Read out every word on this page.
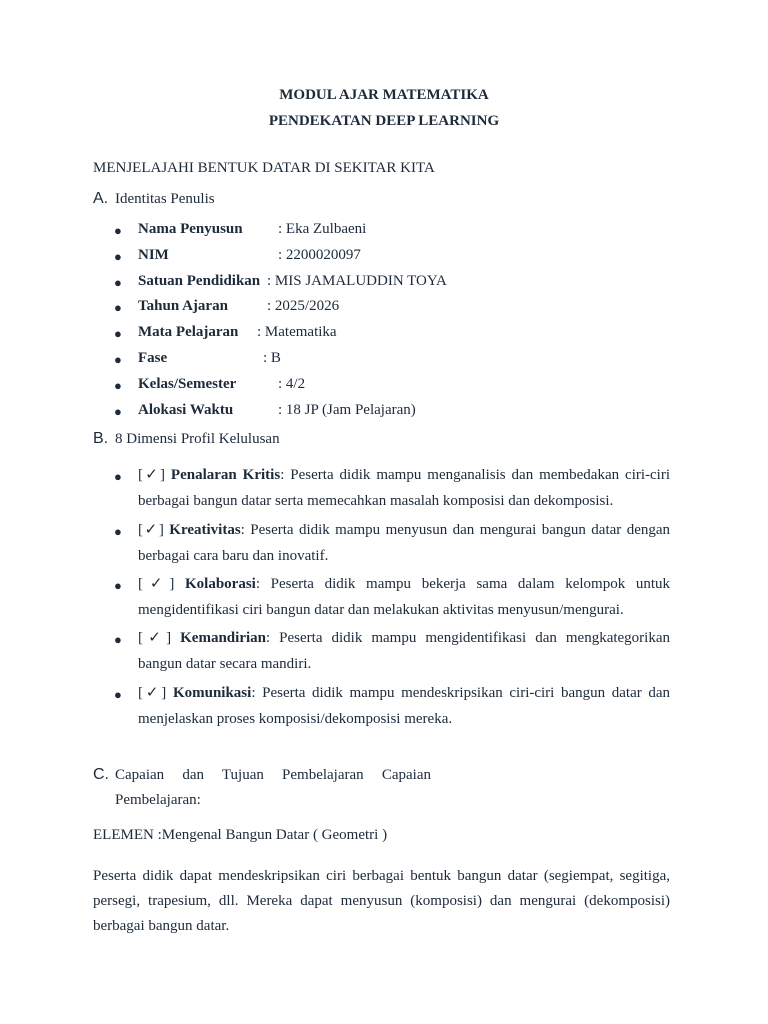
MODUL AJAR MATEMATIKA
PENDEKATAN DEEP LEARNING
MENJELAJAHI BENTUK DATAR DI SEKITAR KITA
A. Identitas Penulis
● Nama Penyusun : Eka Zulbaeni
● NIM	: 2200020097
● Satuan Pendidikan : MIS JAMALUDDIN TOYA
● Tahun Ajaran	: 2025/2026
● Mata Pelajaran : Matematika
● Fase	: B
● Kelas/Semester	: 4/2
● Alokasi Waktu	: 18 JP (Jam Pelajaran)
B. 8 Dimensi Profil Kelulusan
● [✓] Penalaran Kritis: Peserta didik mampu menganalisis dan membedakan ciri-ciri
berbagai bangun datar serta memecahkan masalah komposisi dan dekomposisi.
● [✓] Kreativitas: Peserta didik mampu menyusun dan mengurai bangun datar dengan
berbagai cara baru dan inovatif.
● [✓] Kolaborasi: Peserta didik mampu bekerja sama dalam kelompok untuk
mengidentifikasi ciri bangun datar dan melakukan aktivitas menyusun/mengurai.
● [✓] Kemandirian: Peserta didik mampu mengidentifikasi dan mengkategorikan
bangun datar secara mandiri.
● [✓] Komunikasi: Peserta didik mampu mendeskripsikan ciri-ciri bangun datar dan
menjelaskan proses komposisi/dekomposisi mereka.
C. Capaian dan Tujuan Pembelajaran Capaian
Pembelajaran:
ELEMEN :Mengenal Bangun Datar ( Geometri )
Peserta didik dapat mendeskripsikan ciri berbagai bentuk bangun datar (segiempat, segitiga, persegi, trapesium, dll. Mereka dapat menyusun (komposisi) dan mengurai (dekomposisi) berbagai bangun datar.
